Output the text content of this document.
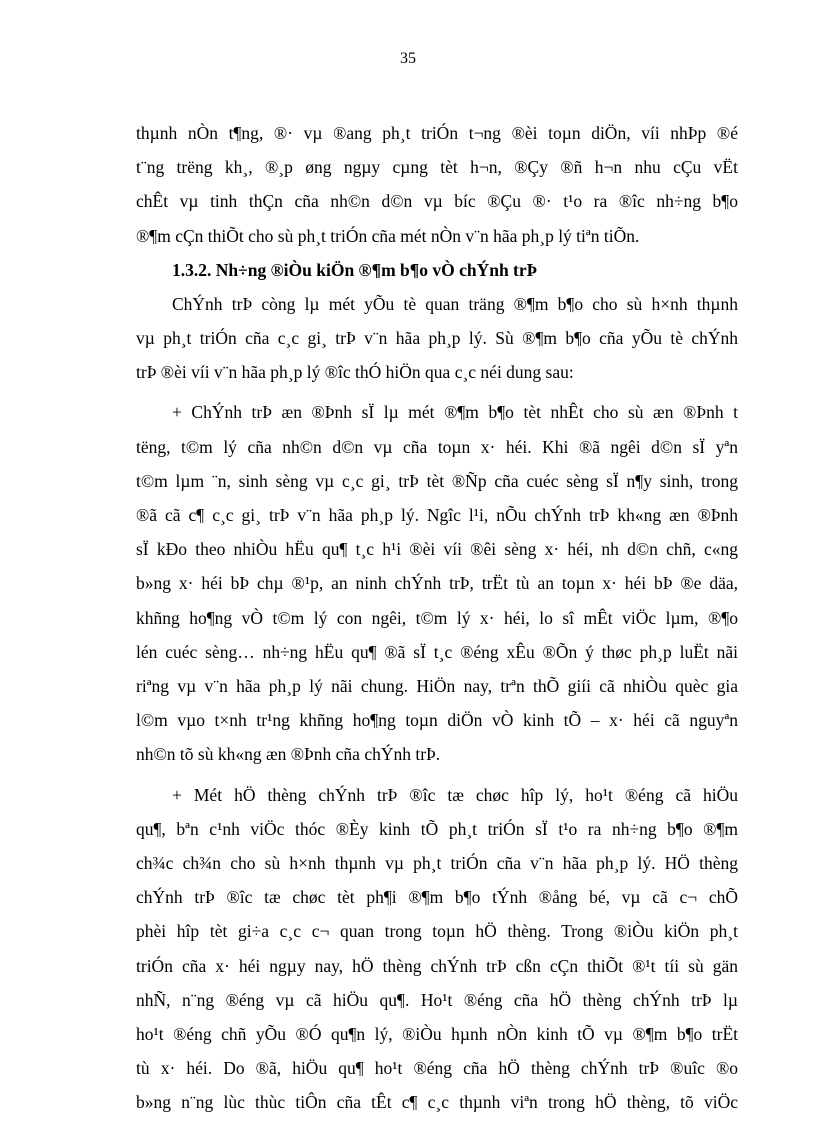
35

thµnh nÒn t¶ng, ®· vµ ®ang ph¸t triÓn t¬ng ®èi toµn diÖn, víi nhÞp ®é
t¨ng trëng kh¸, ®¸p øng ngµy cµng tèt h¬n, ®Çy ®ñ h¬n nhu cÇu vËt
chÊt vµ tinh thÇn cña nh©n d©n vµ bíc ®Çu ®· t¹o ra ®îc nh÷ng b¶o
®¶m cÇn thiÕt cho sù ph¸t triÓn cña mét nÒn v¨n hãa ph¸p lý tiªn tiÕn.

1.3.2. Nh÷ng ®iÒu kiÖn ®¶m b¶o vÒ chÝnh trÞ

ChÝnh trÞ còng lµ mét yÕu tè quan träng ®¶m b¶o cho sù h×nh thµnh
vµ ph¸t triÓn cña c¸c gi¸ trÞ v¨n hãa ph¸p lý. Sù ®¶m b¶o cña yÕu tè chÝnh
trÞ ®èi víi v¨n hãa ph¸p lý ®îc thÓ hiÖn qua c¸c néi dung sau:

+ ChÝnh trÞ æn ®Þnh sÏ lµ mét ®¶m b¶o tèt nhÊt cho sù æn ®Þnh t
tëng, t©m lý cña nh©n d©n vµ cña toµn x· héi. Khi ®ã ngêi d©n sÏ yªn
t©m lµm ¨n, sinh sèng vµ c¸c gi¸ trÞ tèt ®Ñp cña cuéc sèng sÏ n¶y sinh, trong
®ã cã c¶ c¸c gi¸ trÞ v¨n hãa ph¸p lý. Ngîc l¹i, nÕu chÝnh trÞ kh«ng æn ®Þnh
sÏ kÐo theo nhiÒu hËu qu¶ t¸c h¹i ®èi víi ®êi sèng x· héi, nh d©n chñ, c«ng
b»ng x· héi bÞ chµ ®¹p, an ninh chÝnh trÞ, trËt tù an toµn x· héi bÞ ®e däa,
khñng ho¶ng vÒ t©m lý con ngêi, t©m lý x· héi, lo sî mÊt viÖc lµm, ®¶o
lén cuéc sèng… nh÷ng hËu qu¶ ®ã sÏ t¸c ®éng xÊu ®Õn ý thøc ph¸p luËt nãi
riªng vµ v¨n hãa ph¸p lý nãi chung. HiÖn nay, trªn thÕ giíi cã nhiÒu quèc gia
l©m vµo t×nh tr¹ng khñng ho¶ng toµn diÖn vÒ kinh tÕ – x· héi cã nguyªn
nh©n tõ sù kh«ng æn ®Þnh cña chÝnh trÞ.

+ Mét hÖ thèng chÝnh trÞ ®îc tæ chøc hîp lý, ho¹t ®éng cã hiÖu
qu¶, bªn c¹nh viÖc thóc ®Èy kinh tÕ ph¸t triÓn sÏ t¹o ra nh÷ng b¶o ®¶m
ch¾c ch¾n cho sù h×nh thµnh vµ ph¸t triÓn cña v¨n hãa ph¸p lý. HÖ thèng
chÝnh trÞ ®îc tæ chøc tèt ph¶i ®¶m b¶o tÝnh ®ång bé, vµ cã c¬ chÕ
phèi hîp tèt gi÷a c¸c c¬ quan trong toµn hÖ thèng. Trong ®iÒu kiÖn ph¸t
triÓn cña x· héi ngµy nay, hÖ thèng chÝnh trÞ cßn cÇn thiÕt ®¹t tíi sù gän
nhÑ, n¨ng ®éng vµ cã hiÖu qu¶. Ho¹t ®éng cña hÖ thèng chÝnh trÞ lµ
ho¹t ®éng chñ yÕu ®Ó qu¶n lý, ®iÒu hµnh nÒn kinh tÕ vµ ®¶m b¶o trËt
tù x· héi. Do ®ã, hiÖu qu¶ ho¹t ®éng cña hÖ thèng chÝnh trÞ ®uîc ®o
b»ng n¨ng lùc thùc tiÔn cña tÊt c¶ c¸c thµnh viªn trong hÖ thèng, tõ viÖc
